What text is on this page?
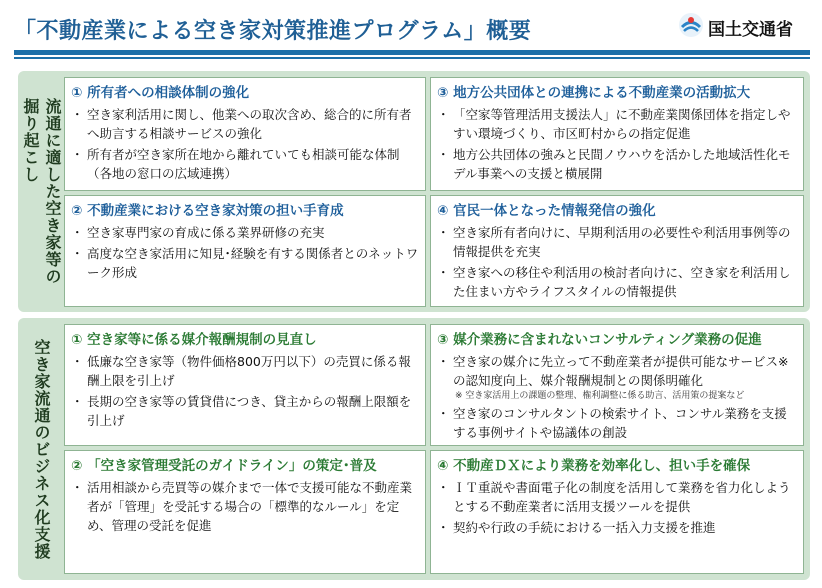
「不動産業による空き家対策推進プログラム」概要	国土交通省
流通に適した空き家等の
掘り起こし
① 所有者への相談体制の強化
・ 空き家利活用に関し、他業への取次含め、総合的に所有者へ助言する相談サービスの強化
・ 所有者が空き家所在地から離れていても相談可能な体制（各地の窓口の広域連携）
③ 地方公共団体との連携による不動産業の活動拡大
・ 「空家等管理活用支援法人」に不動産業関係団体を指定しやすい環境づくり、市区町村からの指定促進
・ 地方公共団体の強みと民間ノウハウを活かした地域活性化モデル事業への支援と横展開
② 不動産業における空き家対策の担い手育成
・ 空き家専門家の育成に係る業界研修の充実
・ 高度な空き家活用に知見･経験を有する関係者とのネットワーク形成
④ 官民一体となった情報発信の強化
・ 空き家所有者向けに、早期利活用の必要性や利活用事例等の情報提供を充実
・ 空き家への移住や利活用の検討者向けに、空き家を利活用した住まい方やライフスタイルの情報提供
空き家流通のビジネス化支援	① 空き家等に係る媒介報酬規制の見直し
・ 低廉な空き家等（物件価格800万円以下）の売買に係る報酬上限を引上げ
・ 長期の空き家等の賃貸借につき、貸主からの報酬上限額を引上げ
③ 媒介業務に含まれないコンサルティング業務の促進
・ 空き家の媒介に先立って不動産業者が提供可能なサービス※の認知度向上、媒介報酬規制との関係明確化
※ 空き家活用上の課題の整理、権利調整に係る助言、活用策の提案など
・ 空き家のコンサルタントの検索サイト、コンサル業務を支援する事例サイトや協議体の創設
② 「空き家管理受託のガイドライン」の策定･普及
・ 活用相談から売買等の媒介まで一体で支援可能な不動産業者が「管理」を受託する場合の「標準的なルール」を定め、管理の受託を促進
④ 不動産ＤＸにより業務を効率化し、担い手を確保
・ ＩＴ重説や書面電子化の制度を活用して業務を省力化しようとする不動産業者に活用支援ツールを提供
・ 契約や行政の手続における一括入力支援を推進
